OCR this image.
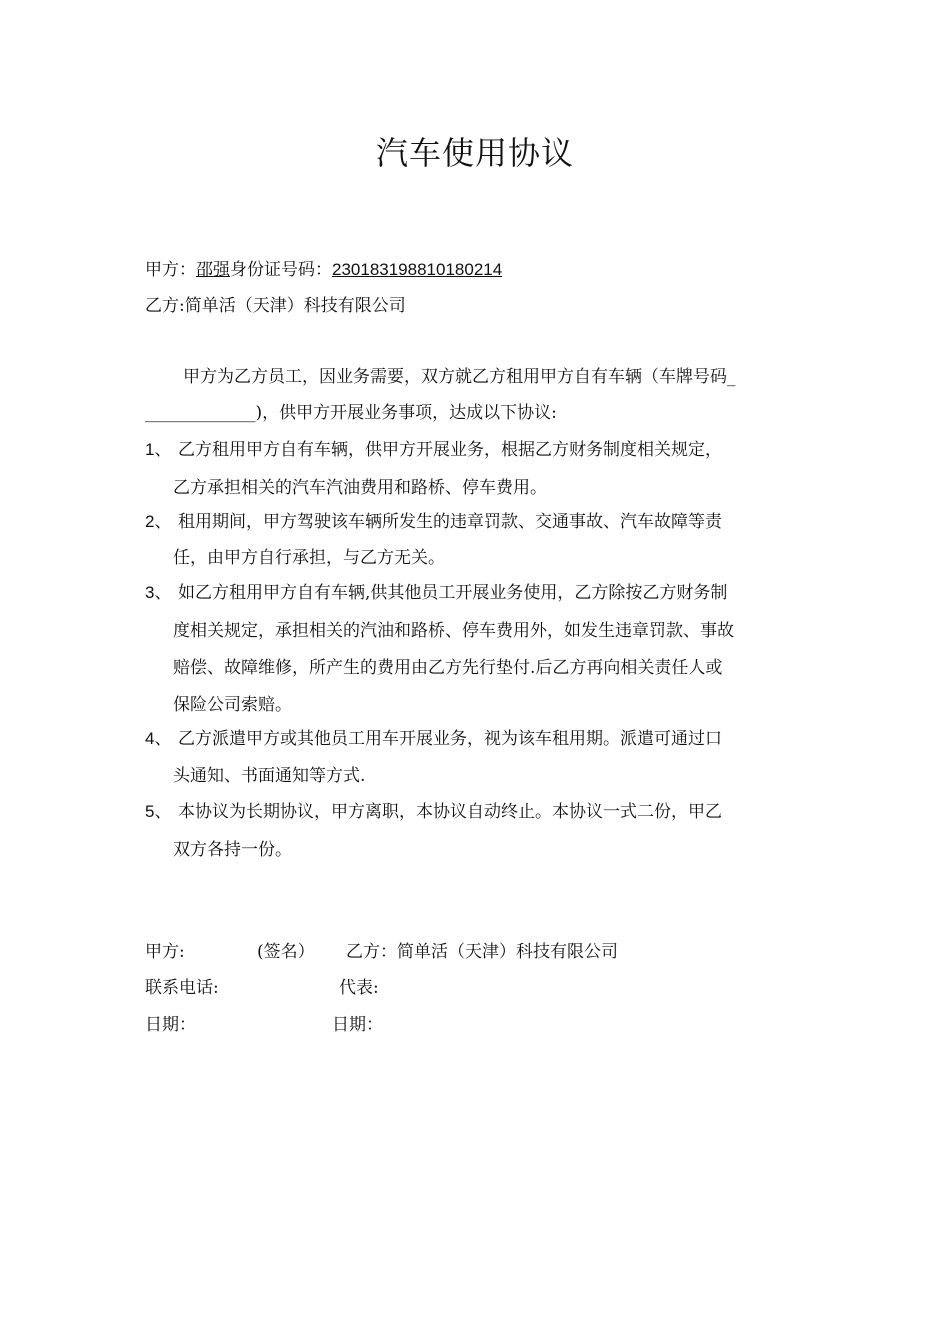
汽车使用协议
甲方：邵强身份证号码：230183198810180214
乙方:简单活（天津）科技有限公司
甲方为乙方员工，因业务需要，双方就乙方租用甲方自有车辆（车牌号码_
_____________)，供甲方开展业务事项，达成以下协议:
1、 乙方租用甲方自有车辆，供甲方开展业务，根据乙方财务制度相关规定，
乙方承担相关的汽车汽油费用和路桥、停车费用。
2、 租用期间，甲方驾驶该车辆所发生的违章罚款、交通事故、汽车故障等责
任，由甲方自行承担，与乙方无关。
3、 如乙方租用甲方自有车辆,供其他员工开展业务使用，乙方除按乙方财务制
度相关规定，承担相关的汽油和路桥、停车费用外，如发生违章罚款、事故
赔偿、故障维修，所产生的费用由乙方先行垫付.后乙方再向相关责任人或
保险公司索赔。
4、 乙方派遣甲方或其他员工用车开展业务，视为该车租用期。派遣可通过口
头通知、书面通知等方式.
5、 本协议为长期协议，甲方离职，本协议自动终止。本协议一式二份，甲乙
双方各持一份。
甲方:	(签名） 乙方：简单活（天津）科技有限公司
联系电话:	代表:
日期：	日期：
